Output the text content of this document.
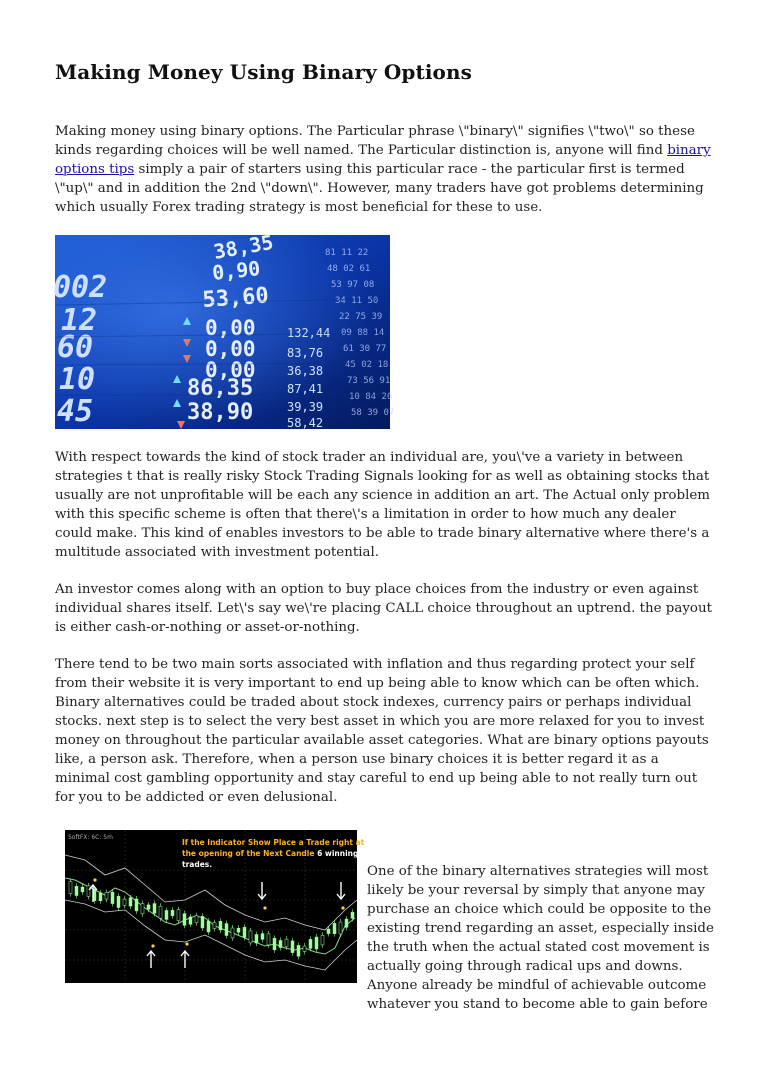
Making Money Using Binary Options

Making money using binary options. The Particular phrase \"binary\" signifies \"two\" so these kinds regarding choices will be well named. The Particular distinction is, anyone will find binary options tips simply a pair of starters using this particular race - the particular first is termed \"up\" and in addition the 2nd \"down\". However, many traders have got problems determining which usually Forex trading strategy is most beneficial for these to use.

002
12
60
10
45
38,35
0,90
53,60
0,00
0,00
0,00
86,35
38,90
132,44
83,76
36,38
87,41
39,39
58,42
81 11 22
48 02 61
53 97 08
34 11 50
22 75 39
09 88 14
61 30 77
45 02 18
73 56 91
10 84 26
58 39 07

With respect towards the kind of stock trader an individual are, you\'ve a variety in between strategies t that is really risky Stock Trading Signals looking for as well as obtaining stocks that usually are not unprofitable will be each any science in addition an art. The Actual only problem with this specific scheme is often that there\'s a limitation in order to how much any dealer could make. This kind of enables investors to be able to trade binary alternative where there's a multitude associated with investment potential.

An investor comes along with an option to buy place choices from the industry or even against individual shares itself. Let\'s say we\'re placing CALL choice throughout an uptrend. the payout is either cash-or-nothing or asset-or-nothing.

There tend to be two main sorts associated with inflation and thus regarding protect your self from their website it is very important to end up being able to know which can be often which. Binary alternatives could be traded about stock indexes, currency pairs or perhaps individual stocks. next step is to select the very best asset in which you are more relaxed for you to invest money on throughout the particular available asset categories. What are binary options payouts like, a person ask. Therefore, when a person use binary choices it is better regard it as a minimal cost gambling opportunity and stay careful to end up being able to not really turn out for you to be addicted or even delusional.

SoftFX: 6C: 5m
If the Indicator Show Place a Trade right at
the opening of the Next Candle 6 winning
trades.	One of the binary alternatives strategies will most likely be your reversal by simply that anyone may purchase an choice which could be opposite to the existing trend regarding an asset, especially inside the truth when the actual stated cost movement is actually going through radical ups and downs. Anyone already be mindful of achievable outcome whatever you stand to become able to gain before
